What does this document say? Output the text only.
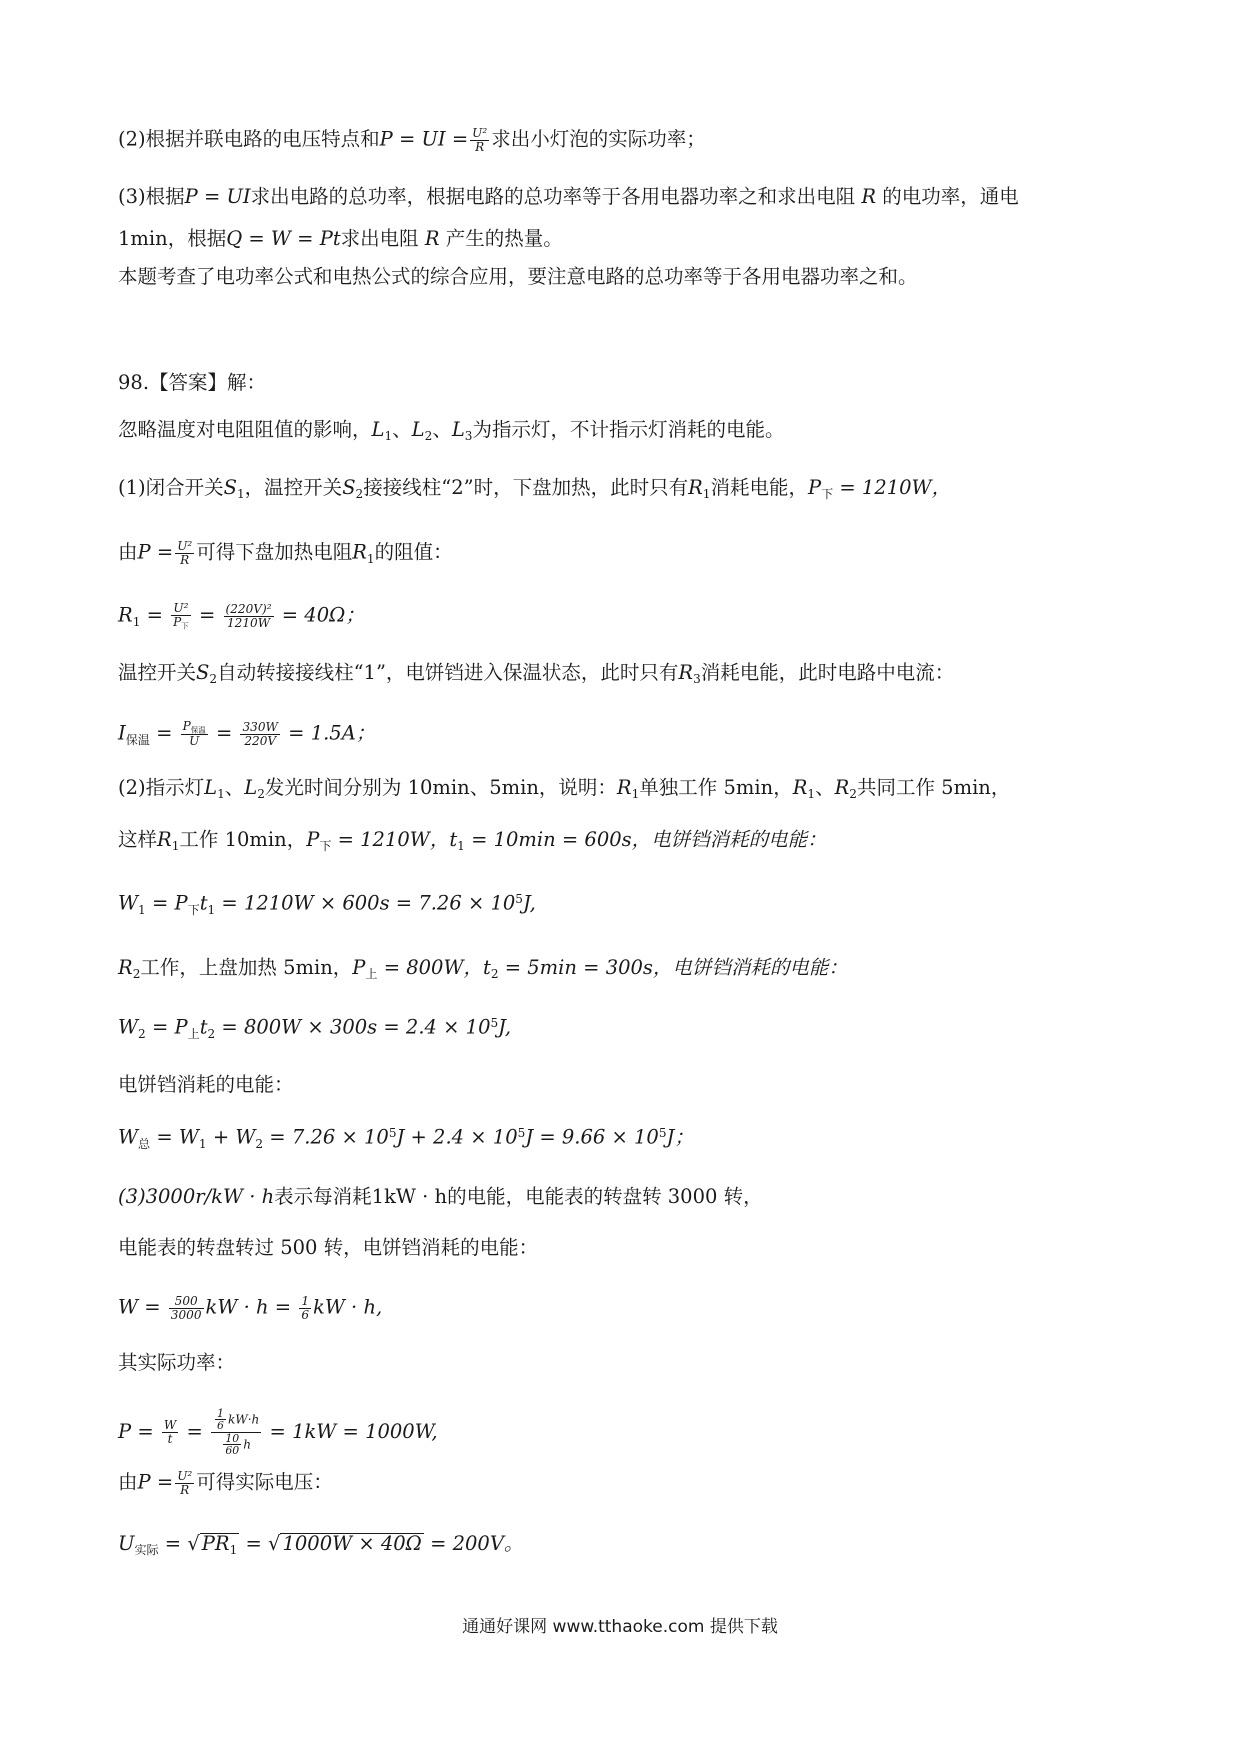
(2)根据并联电路的电压特点和P = UI = $\frac{\text{U²}}{R}$ 求出小灯泡的实际功率；
(3)根据P = UI求出电路的总功率，根据电路的总功率等于各用电器功率之和求出电阻 R 的电功率，通电
1min，根据Q = W = Pt求出电阻 R 产生的热量。
本题考查了电功率公式和电热公式的综合应用，要注意电路的总功率等于各用电器功率之和。
98.【答案】解：
忽略温度对电阻阻值的影响，$L_1$、$L_2$、$L_3$为指示灯，不计指示灯消耗的电能。
(1)闭合开关$S_1$，温控开关$S_2$接接线柱“2”时，下盘加热，此时只有$R_1$消耗电能，$P_下 = 1210W$，
由$P = \frac{\text{U²}}{R}$ 可得下盘加热电阻$R_1$的阻值：
$R_1 = \frac{\text{U²}}{P_下} = \frac{\text{(220V)²}}{1210W} = 40\Omega$；
温控开关$S_2$自动转接接线柱“1”，电饼铛进入保温状态，此时只有$R_3$消耗电能，此时电路中电流：
$I_{保温} = \frac{P_{保温}}{U} = \frac{330W}{220V} = 1.5A$；
(2)指示灯$L_1$、$L_2$发光时间分别为 10min、5min，说明：$R_1$单独工作 5min，$R_1$、$R_2$共同工作 5min，
这样$R_1$工作 10min，$P_下 = 1210W$，$t_1 = 10\min = 600s$，电饼铛消耗的电能：
$W_1 = P_下t_1 = 1210W \times 600s = 7.26 \times 10^5J$,
$R_2$工作，上盘加热 5min，$P_上 = 800W$，$t_2 = 5\min = 300s$，电饼铛消耗的电能：
$W_2 = P_上t_2 = 800W \times 300s = 2.4 \times 10^5J$,
电饼铛消耗的电能：
$W_总 = W_1 + W_2 = 7.26 \times 10^5J + 2.4 \times 10^5J = 9.66 \times 10^5J$；
(3)3000r/kW · h表示每消耗1kW · h的电能，电能表的转盘转 3000 转，
电能表的转盘转过 500 转，电饼铛消耗的电能：
$W = \frac{500}{3000}$ kW · $h = \frac{1}{6}$ kW · h,
其实际功率：
$P = \frac{W}{t} = \frac{\frac{1}{6} kW\cdot h}{\frac{10}{60} h} = 1kW = 1000W$,
由$P = \frac{\text{U²}}{R}$ 可得实际电压：
$U_{实际}$ = √ $PR_1$ = √ 1000W × 40Ω = 200V。
通通好课网 www.tthaoke.com 提供下载
